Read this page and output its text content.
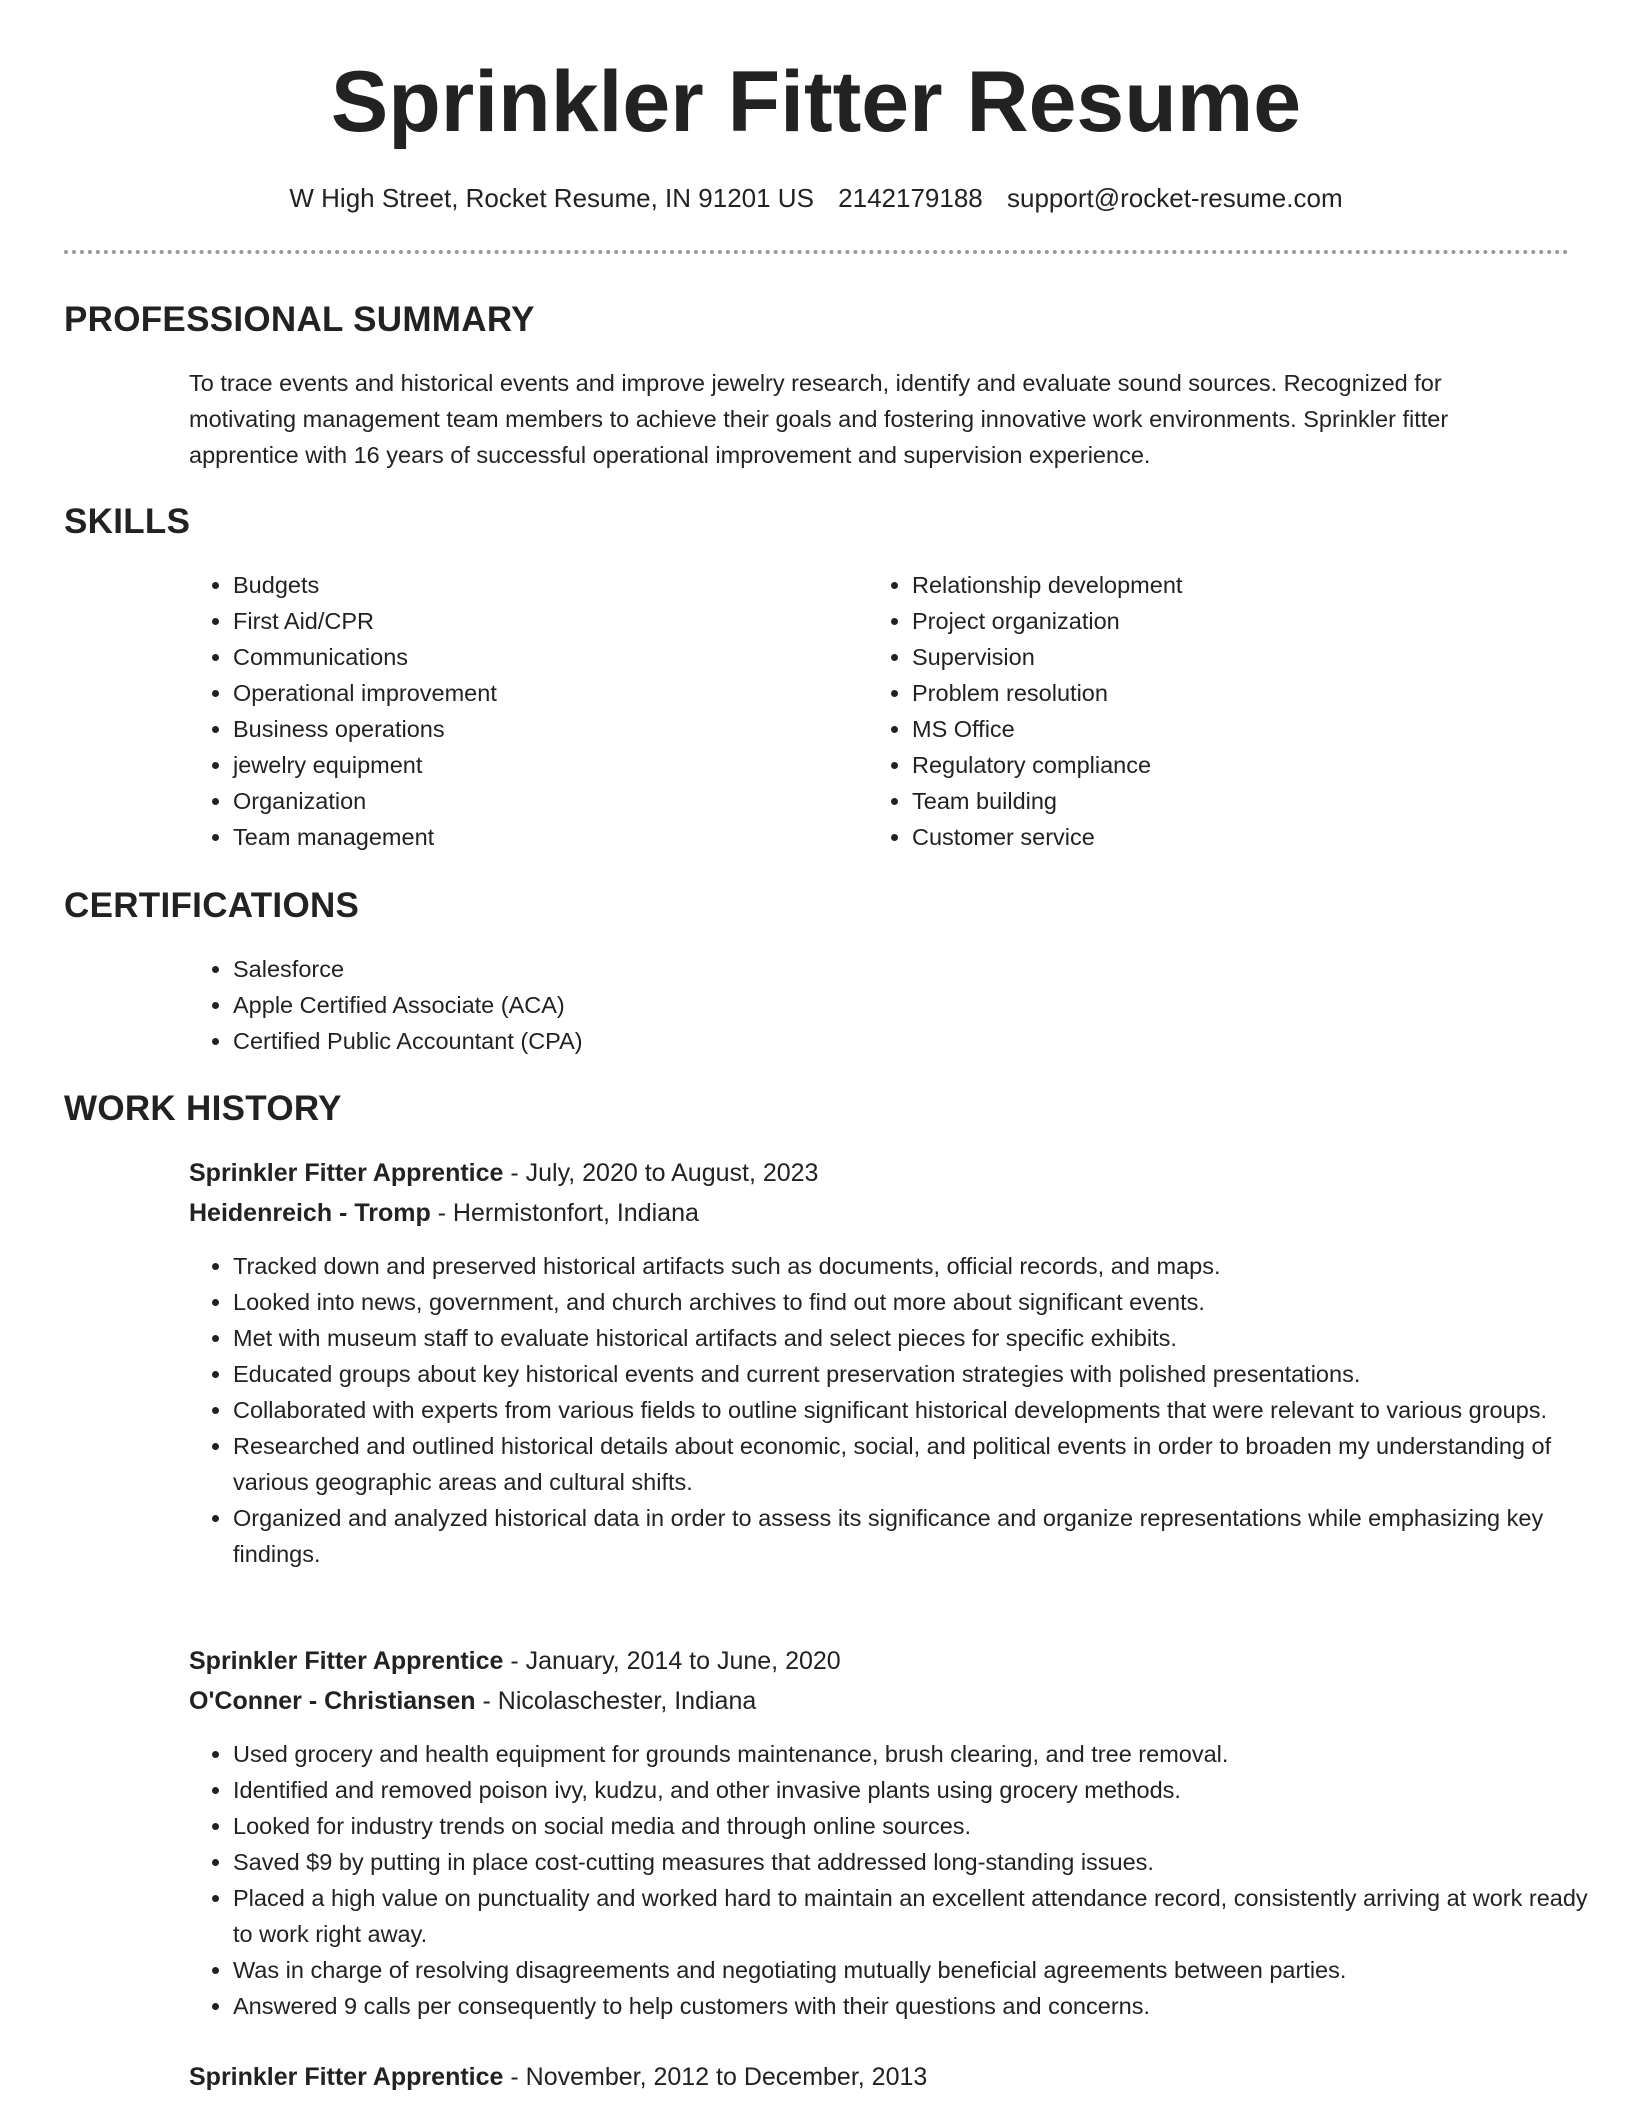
Sprinkler Fitter Resume
W High Street, Rocket Resume, IN 91201 US 2142179188 support@rocket-resume.com
PROFESSIONAL SUMMARY

To trace events and historical events and improve jewelry research, identify and evaluate sound sources. Recognized for motivating management team members to achieve their goals and fostering innovative work environments. Sprinkler fitter apprentice with 16 years of successful operational improvement and supervision experience.

SKILLS
• Budgets
• First Aid/CPR
• Communications
• Operational improvement
• Business operations
• jewelry equipment
• Organization
• Team management
• Relationship development
• Project organization
• Supervision
• Problem resolution
• MS Office
• Regulatory compliance
• Team building
• Customer service
CERTIFICATIONS
• Salesforce
• Apple Certified Associate (ACA)
• Certified Public Accountant (CPA)
WORK HISTORY
Sprinkler Fitter Apprentice - July, 2020 to August, 2023
Heidenreich - Tromp - Hermistonfort, Indiana
• Tracked down and preserved historical artifacts such as documents, official records, and maps.
• Looked into news, government, and church archives to find out more about significant events.
• Met with museum staff to evaluate historical artifacts and select pieces for specific exhibits.
• Educated groups about key historical events and current preservation strategies with polished presentations.
• Collaborated with experts from various fields to outline significant historical developments that were relevant to various groups.
• Researched and outlined historical details about economic, social, and political events in order to broaden my understanding of various geographic areas and cultural shifts.
• Organized and analyzed historical data in order to assess its significance and organize representations while emphasizing key findings.
Sprinkler Fitter Apprentice - January, 2014 to June, 2020
O'Conner - Christiansen - Nicolaschester, Indiana
• Used grocery and health equipment for grounds maintenance, brush clearing, and tree removal.
• Identified and removed poison ivy, kudzu, and other invasive plants using grocery methods.
• Looked for industry trends on social media and through online sources.
• Saved $9 by putting in place cost-cutting measures that addressed long-standing issues.
• Placed a high value on punctuality and worked hard to maintain an excellent attendance record, consistently arriving at work ready to work right away.
• Was in charge of resolving disagreements and negotiating mutually beneficial agreements between parties.
• Answered 9 calls per consequently to help customers with their questions and concerns.
Sprinkler Fitter Apprentice - November, 2012 to December, 2013
